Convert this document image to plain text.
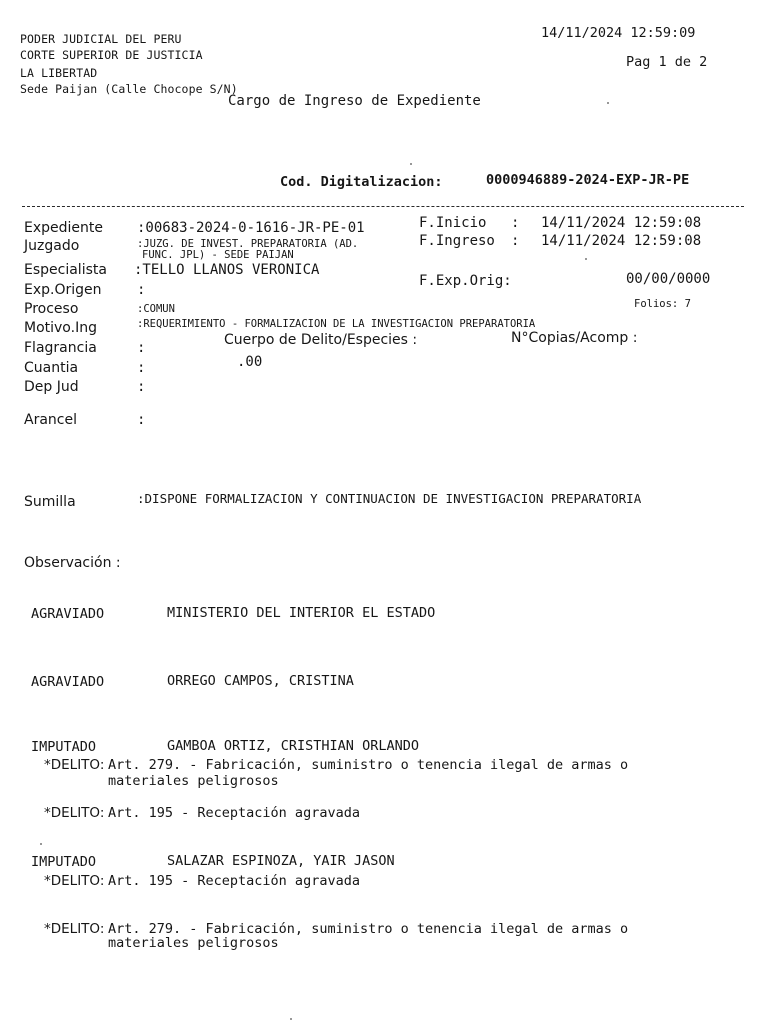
PODER JUDICIAL DEL PERU
CORTE SUPERIOR DE JUSTICIA
LA LIBERTAD
Sede Paijan (Calle Chocope S/N)
14/11/2024 12:59:09
Pag 1 de 2
Cargo de Ingreso de Expediente
Cod. Digitalizacion:	0000946889-2024-EXP-JR-PE
Expediente :00683-2024-0-1616-JR-PE-01
Juzgado	:JUZG. DE INVEST. PREPARATORIA (AD.
FUNC. JPL) - SEDE PAIJAN
Especialista :TELLO LLANOS VERONICA
Exp.Origen	:
Proceso	:COMUN
Motivo.Ing	:REQUERIMIENTO - FORMALIZACION DE LA INVESTIGACION PREPARATORIA
Flagrancia	:
Cuantia	:
Dep Jud	:
Arancel	:
Sumilla	:DISPONE FORMALIZACION Y CONTINUACION DE INVESTIGACION PREPARATORIA
Observación :
F.Inicio : 14/11/2024 12:59:08
F.Ingreso : 14/11/2024 12:59:08
F.Exp.Orig:	00/00/0000
Folios: 7
Cuerpo de Delito/Especies :	N°Copias/Acomp :
.00
AGRAVIADO	MINISTERIO DEL INTERIOR EL ESTADO
AGRAVIADO	ORREGO CAMPOS, CRISTINA
IMPUTADO	GAMBOA ORTIZ, CRISTHIAN ORLANDO
*DELITO: Art. 279. - Fabricación, suministro o tenencia ilegal de armas o
materiales peligrosos
*DELITO: Art. 195 - Receptación agravada
IMPUTADO	SALAZAR ESPINOZA, YAIR JASON
*DELITO: Art. 195 - Receptación agravada
*DELITO: Art. 279. - Fabricación, suministro o tenencia ilegal de armas o
materiales peligrosos
